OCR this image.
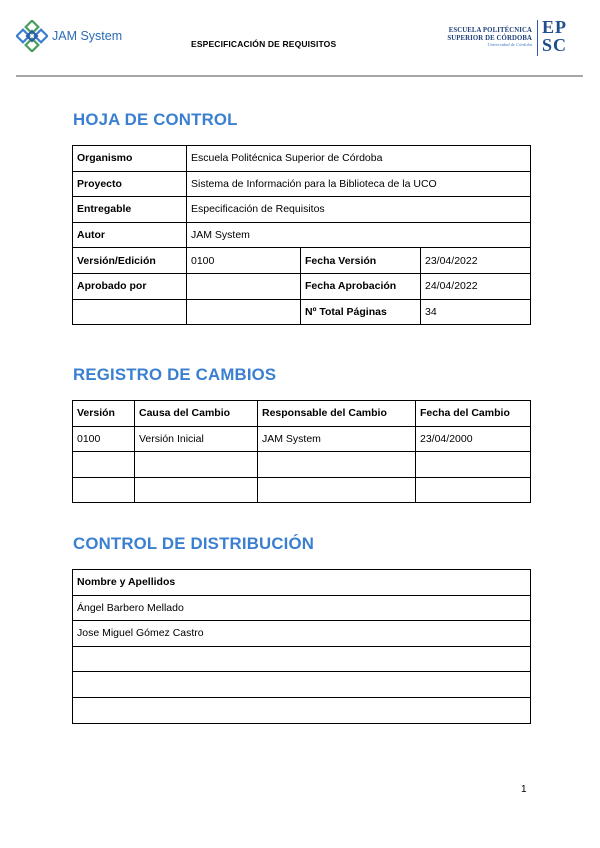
JAM System
ESPECIFICACIÓN DE REQUISITOS
ESCUELA POLITÉCNICA
SUPERIOR DE CÓRDOBA
Universidad de Córdoba
EP
SC
HOJA DE CONTROL
Organismo	Escuela Politécnica Superior de Córdoba		
Proyecto	Sistema de Información para la Biblioteca de la UCO		
Entregable	Especificación de Requisitos		
Autor	JAM System		
Versión/Edición	0100	Fecha Versión	23/04/2022
Aprobado por		Fecha Aprobación	24/04/2022
		Nº Total Páginas	34
REGISTRO DE CAMBIOS
Versión	Causa del Cambio	Responsable del Cambio	Fecha del Cambio
0100	Versión Inicial	JAM System	23/04/2000

CONTROL DE DISTRIBUCIÓN
Nombre y Apellidos
Ángel Barbero Mellado
Jose Miguel Gómez Castro

1
